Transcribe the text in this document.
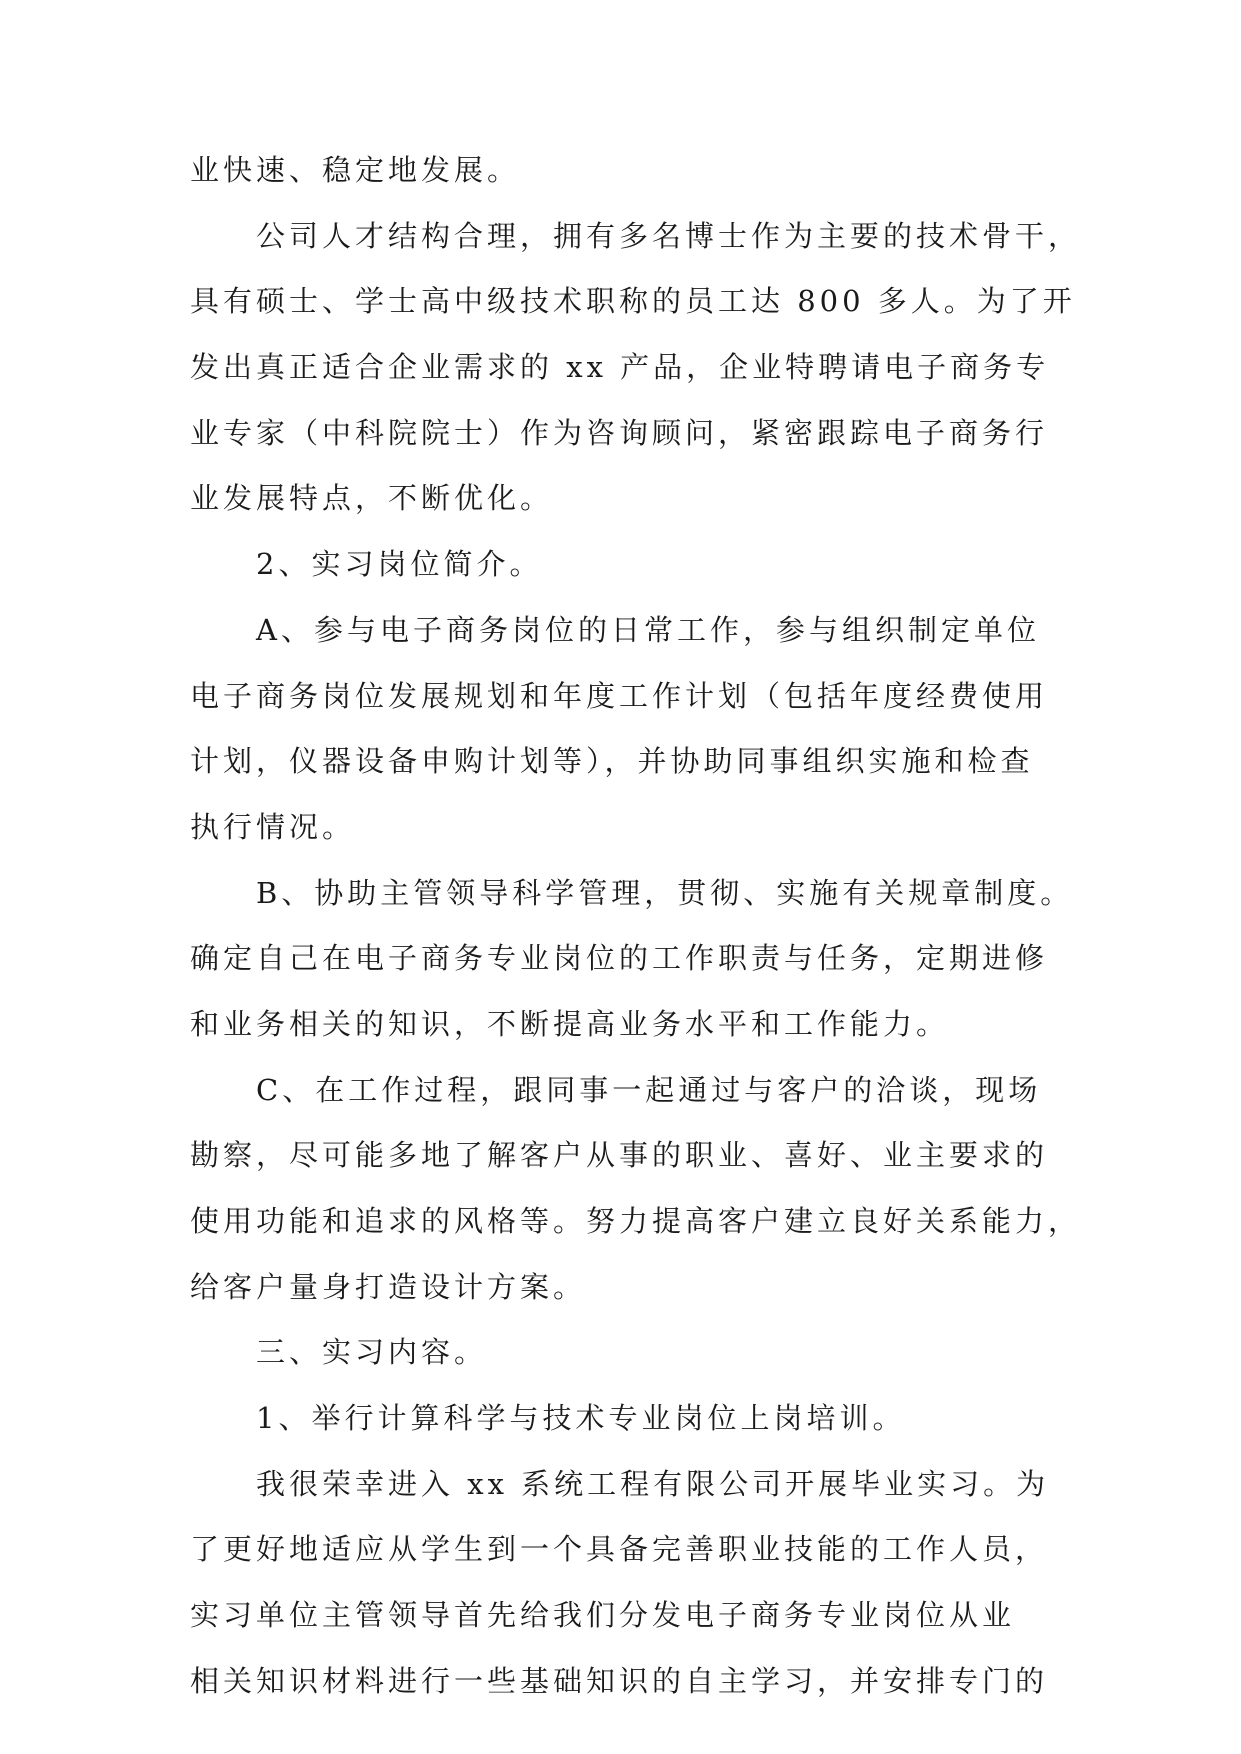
业快速、稳定地发展。
公司人才结构合理，拥有多名博士作为主要的技术骨干，
具有硕士、学士高中级技术职称的员工达 800 多人。为了开
发出真正适合企业需求的 xx 产品，企业特聘请电子商务专
业专家（中科院院士）作为咨询顾问，紧密跟踪电子商务行
业发展特点，不断优化。
2、实习岗位简介。
A、参与电子商务岗位的日常工作，参与组织制定单位
电子商务岗位发展规划和年度工作计划（包括年度经费使用
计划，仪器设备申购计划等），并协助同事组织实施和检查
执行情况。
B、协助主管领导科学管理，贯彻、实施有关规章制度。
确定自己在电子商务专业岗位的工作职责与任务，定期进修
和业务相关的知识，不断提高业务水平和工作能力。
C、在工作过程，跟同事一起通过与客户的洽谈，现场
勘察，尽可能多地了解客户从事的职业、喜好、业主要求的
使用功能和追求的风格等。努力提高客户建立良好关系能力，
给客户量身打造设计方案。
三、实习内容。
1、举行计算科学与技术专业岗位上岗培训。
我很荣幸进入 xx 系统工程有限公司开展毕业实习。为
了更好地适应从学生到一个具备完善职业技能的工作人员，
实习单位主管领导首先给我们分发电子商务专业岗位从业
相关知识材料进行一些基础知识的自主学习，并安排专门的
